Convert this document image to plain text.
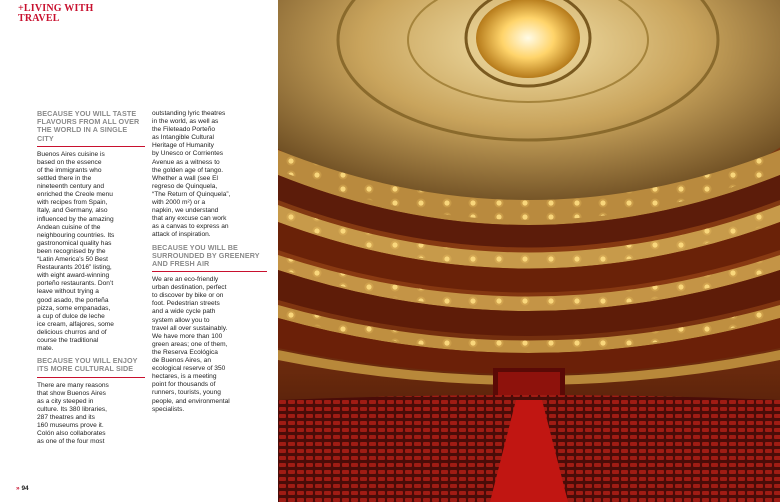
+LIVING WITH
TRAVEL
BECAUSE YOU WILL TASTE FLAVOURS FROM ALL OVER THE WORLD IN A SINGLE CITY
Buenos Aires cuisine is
based on the essence
of the immigrants who
settled there in the
nineteenth century and
enriched the Creole menu
with recipes from Spain,
Italy, and Germany, also
influenced by the amazing
Andean cuisine of the
neighbouring countries. Its
gastronomical quality has
been recognised by the
“Latin America’s 50 Best
Restaurants 2016” listing,
with eight award-winning
porteño restaurants. Don’t
leave without trying a
good asado, the porteña
pizza, some empanadas,
a cup of dulce de leche
ice cream, alfajores, some
delicious churros and of
course the traditional
mate.
BECAUSE YOU WILL ENJOY ITS MORE CULTURAL SIDE
There are many reasons
that show Buenos Aires
as a city steeped in
culture. Its 380 libraries,
287 theatres and its
160 museums prove it.
Colón also collaborates
as one of the four most
outstanding lyric theatres
in the world, as well as
the Fileteado Porteño
as Intangible Cultural
Heritage of Humanity
by Unesco or Corrientes
Avenue as a witness to
the golden age of tango.
Whether a wall (see El
regreso de Quinquela,
“The Return of Quinquela”,
with 2000 m²) or a
napkin, we understand
that any excuse can work
as a canvas to express an
attack of inspiration.
BECAUSE YOU WILL BE SURROUNDED BY GREENERY AND FRESH AIR
We are an eco-friendly
urban destination, perfect
to discover by bike or on
foot. Pedestrian streets
and a wide cycle path
system allow you to
travel all over sustainably.
We have more than 100
green areas; one of them,
the Reserva Ecológica
de Buenos Aires, an
ecological reserve of 350
hectares, is a meeting
point for thousands of
runners, tourists, young
people, and environmental
specialists.
» 94
